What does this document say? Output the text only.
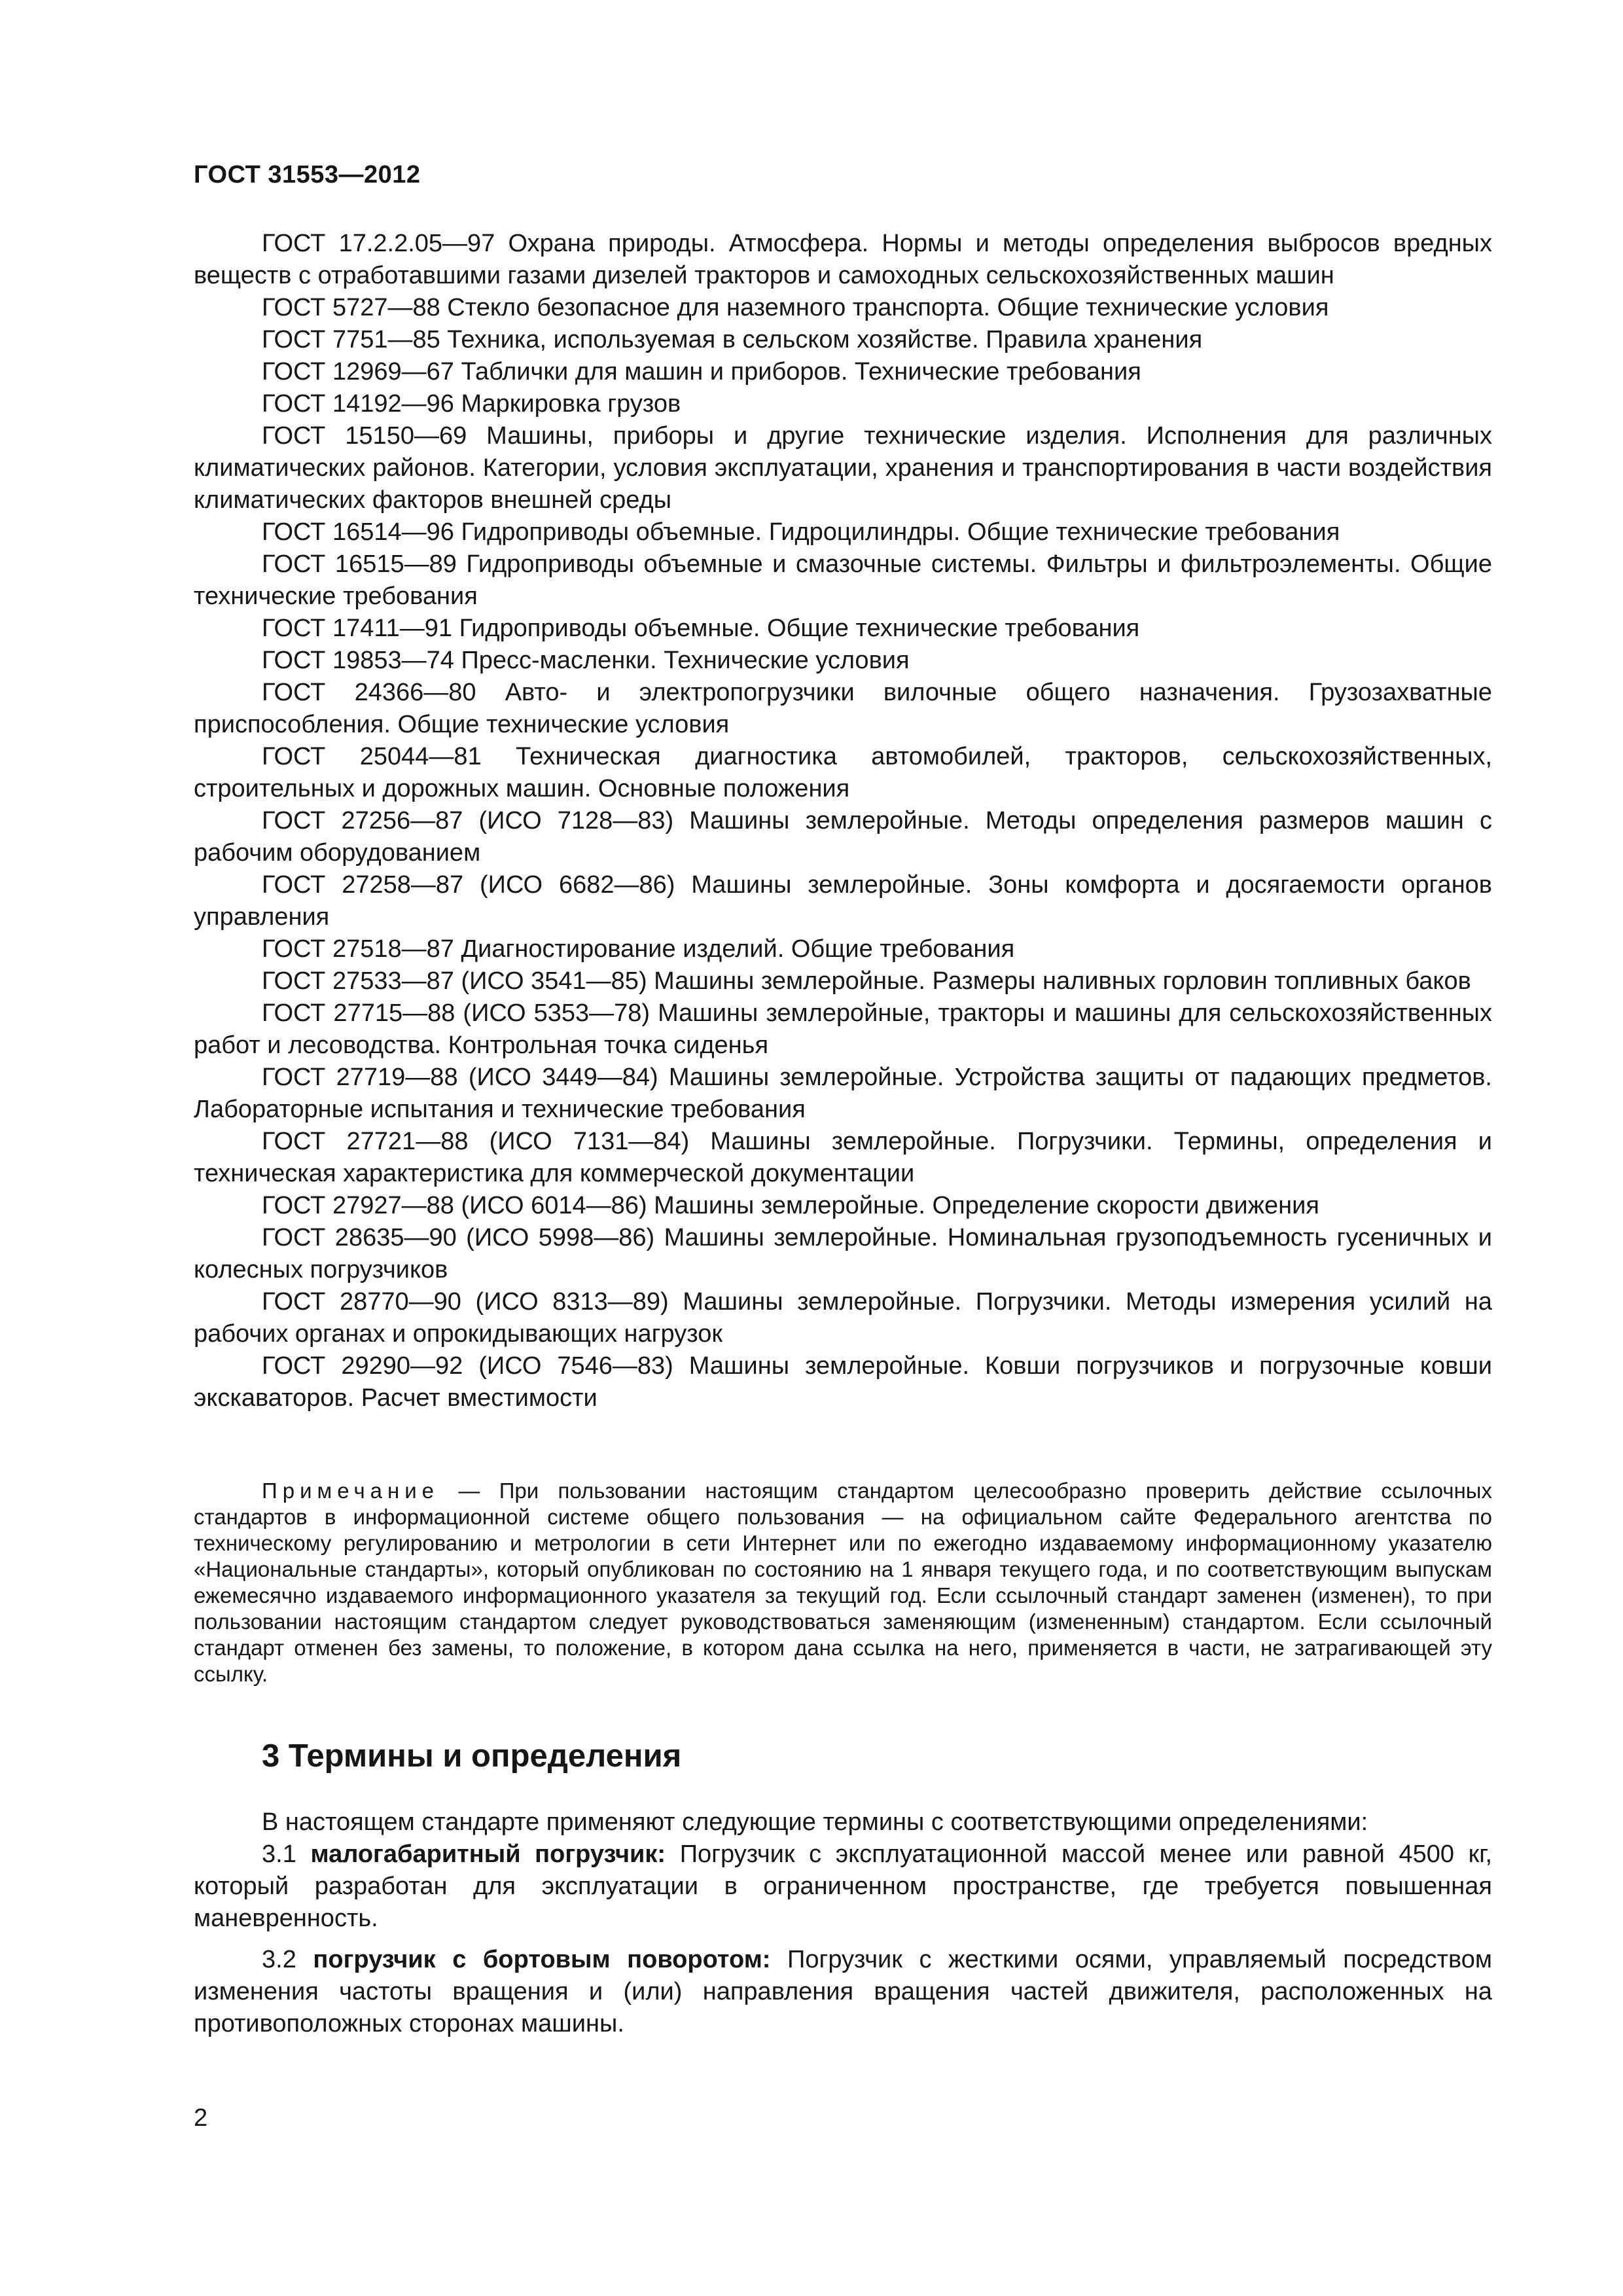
ГОСТ 31553—2012

ГОСТ 17.2.2.05—97 Охрана природы. Атмосфера. Нормы и методы определения выбросов вредных веществ с отработавшими газами дизелей тракторов и самоходных сельскохозяйственных машин

ГОСТ 5727—88 Стекло безопасное для наземного транспорта. Общие технические условия

ГОСТ 7751—85 Техника, используемая в сельском хозяйстве. Правила хранения

ГОСТ 12969—67 Таблички для машин и приборов. Технические требования

ГОСТ 14192—96 Маркировка грузов

ГОСТ 15150—69 Машины, приборы и другие технические изделия. Исполнения для различных климатических районов. Категории, условия эксплуатации, хранения и транспортирования в части воздействия климатических факторов внешней среды

ГОСТ 16514—96 Гидроприводы объемные. Гидроцилиндры. Общие технические требования

ГОСТ 16515—89 Гидроприводы объемные и смазочные системы. Фильтры и фильтроэлементы. Общие технические требования

ГОСТ 17411—91 Гидроприводы объемные. Общие технические требования

ГОСТ 19853—74 Пресс-масленки. Технические условия

ГОСТ 24366—80 Авто- и электропогрузчики вилочные общего назначения. Грузозахватные приспособления. Общие технические условия

ГОСТ 25044—81 Техническая диагностика автомобилей, тракторов, сельскохозяйственных, строительных и дорожных машин. Основные положения

ГОСТ 27256—87 (ИСО 7128—83) Машины землеройные. Методы определения размеров машин с рабочим оборудованием

ГОСТ 27258—87 (ИСО 6682—86) Машины землеройные. Зоны комфорта и досягаемости органов управления

ГОСТ 27518—87 Диагностирование изделий. Общие требования

ГОСТ 27533—87 (ИСО 3541—85) Машины землеройные. Размеры наливных горловин топливных баков

ГОСТ 27715—88 (ИСО 5353—78) Машины землеройные, тракторы и машины для сельскохозяйственных работ и лесоводства. Контрольная точка сиденья

ГОСТ 27719—88 (ИСО 3449—84) Машины землеройные. Устройства защиты от падающих предметов. Лабораторные испытания и технические требования

ГОСТ 27721—88 (ИСО 7131—84) Машины землеройные. Погрузчики. Термины, определения и техническая характеристика для коммерческой документации

ГОСТ 27927—88 (ИСО 6014—86) Машины землеройные. Определение скорости движения

ГОСТ 28635—90 (ИСО 5998—86) Машины землеройные. Номинальная грузоподъемность гусеничных и колесных погрузчиков

ГОСТ 28770—90 (ИСО 8313—89) Машины землеройные. Погрузчики. Методы измерения усилий на рабочих органах и опрокидывающих нагрузок

ГОСТ 29290—92 (ИСО 7546—83) Машины землеройные. Ковши погрузчиков и погрузочные ковши экскаваторов. Расчет вместимости

Примечание — При пользовании настоящим стандартом целесообразно проверить действие ссылочных стандартов в информационной системе общего пользования — на официальном сайте Федерального агентства по техническому регулированию и метрологии в сети Интернет или по ежегодно издаваемому информационному указателю «Национальные стандарты», который опубликован по состоянию на 1 января текущего года, и по соответствующим выпускам ежемесячно издаваемого информационного указателя за текущий год. Если ссылочный стандарт заменен (изменен), то при пользовании настоящим стандартом следует руководствоваться заменяющим (измененным) стандартом. Если ссылочный стандарт отменен без замены, то положение, в котором дана ссылка на него, применяется в части, не затрагивающей эту ссылку.

3 Термины и определения

В настоящем стандарте применяют следующие термины с соответствующими определениями:

3.1 малогабаритный погрузчик: Погрузчик с эксплуатационной массой менее или равной 4500 кг, который разработан для эксплуатации в ограниченном пространстве, где требуется повышенная маневренность.

3.2 погрузчик с бортовым поворотом: Погрузчик с жесткими осями, управляемый посредством изменения частоты вращения и (или) направления вращения частей движителя, расположенных на противоположных сторонах машины.

2
